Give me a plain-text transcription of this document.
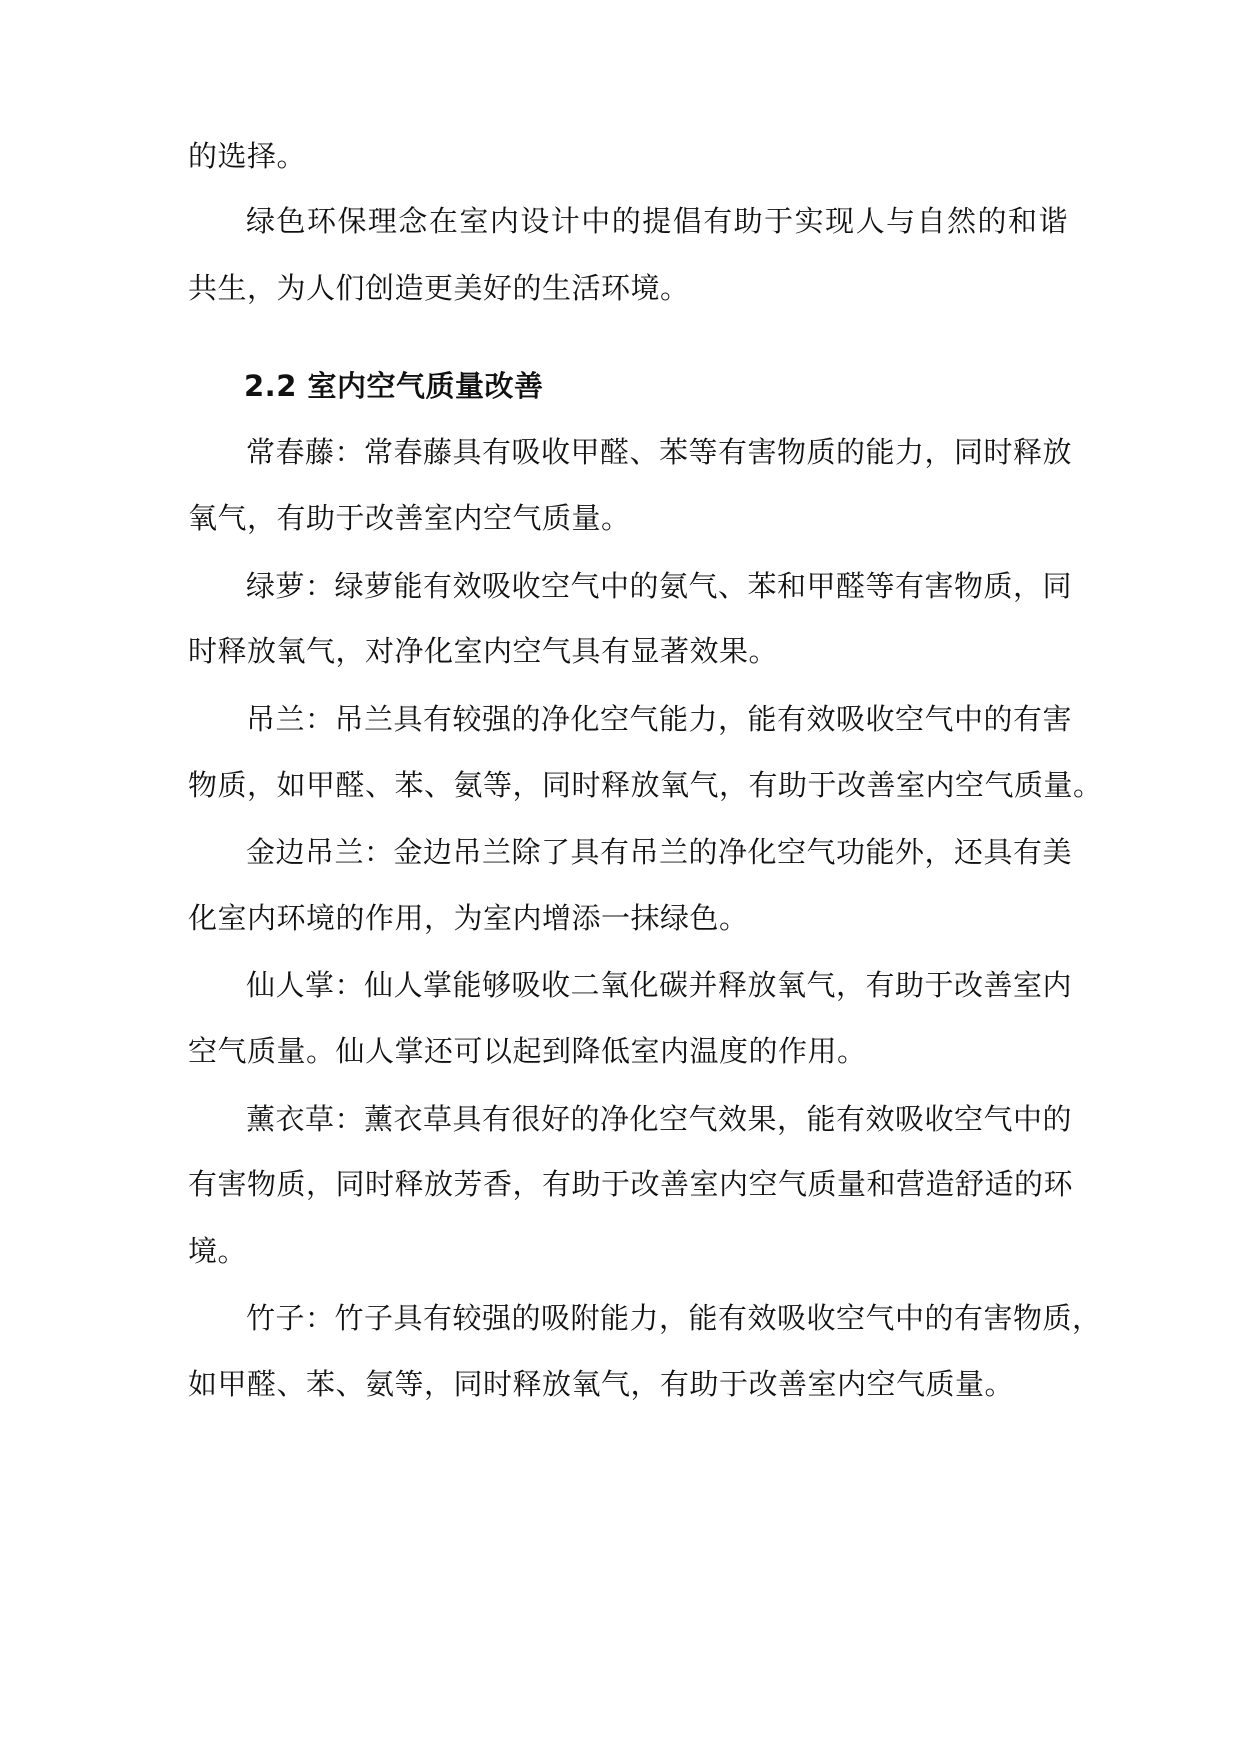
的选择。
绿色环保理念在室内设计中的提倡有助于实现人与自然的和谐
共生，为人们创造更美好的生活环境。
2.2 室内空气质量改善
常春藤：常春藤具有吸收甲醛、苯等有害物质的能力，同时释放
氧气，有助于改善室内空气质量。
绿萝：绿萝能有效吸收空气中的氨气、苯和甲醛等有害物质，同
时释放氧气，对净化室内空气具有显著效果。
吊兰：吊兰具有较强的净化空气能力，能有效吸收空气中的有害
物质，如甲醛、苯、氨等，同时释放氧气，有助于改善室内空气质量。
金边吊兰：金边吊兰除了具有吊兰的净化空气功能外，还具有美
化室内环境的作用，为室内增添一抹绿色。
仙人掌：仙人掌能够吸收二氧化碳并释放氧气，有助于改善室内
空气质量。仙人掌还可以起到降低室内温度的作用。
薰衣草：薰衣草具有很好的净化空气效果，能有效吸收空气中的
有害物质，同时释放芳香，有助于改善室内空气质量和营造舒适的环
境。
竹子：竹子具有较强的吸附能力，能有效吸收空气中的有害物质，
如甲醛、苯、氨等，同时释放氧气，有助于改善室内空气质量。
